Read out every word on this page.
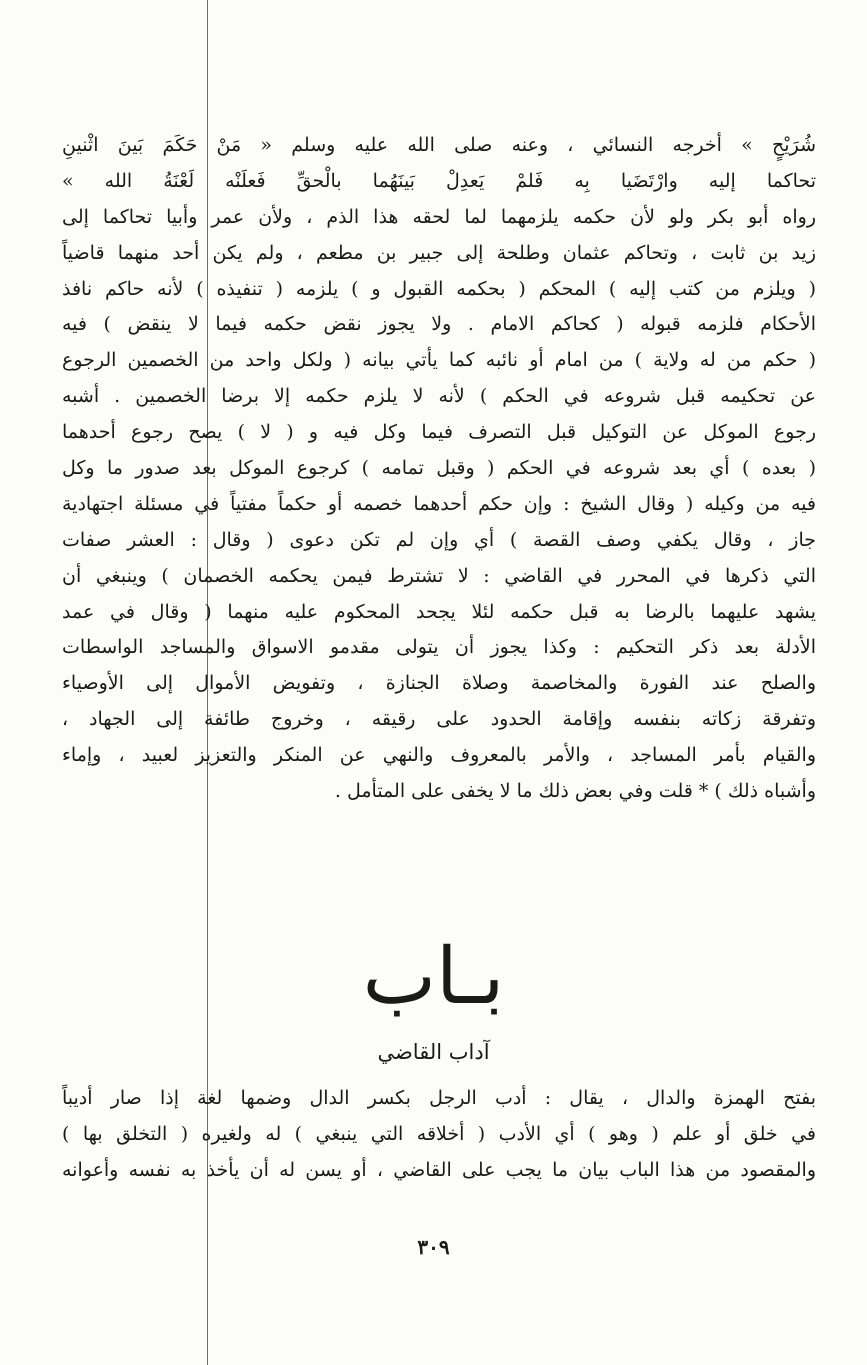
شُرَيْحٍ » أخرجه النسائي ، وعنه صلى الله عليه وسلم « مَنْ حَكَمَ بَينَ اثْنينِ
تحاكما إليه وارْتَضَيا بِه فَلمْ يَعدِلْ بَينَهُما بالْحقِّ فَعلَنْه لَعْنَةُ الله »
رواه أبو بكر ولو لأن حكمه يلزمهما لما لحقه هذا الذم ، ولأن عمر وأبيا تحاكما إلى
زيد بن ثابت ، وتحاكم عثمان وطلحة إلى جبير بن مطعم ، ولم يكن أحد منهما قاضياً
( ويلزم من كتب إليه ) المحكم ( بحكمه القبول و ) يلزمه ( تنفيذه ) لأنه حاكم نافذ
الأحكام فلزمه قبوله ( كحاكم الامام . ولا يجوز نقض حكمه فيما لا ينقض ) فيه
( حكم من له ولاية ) من امام أو نائبه كما يأتي بيانه ( ولكل واحد من الخصمين الرجوع
عن تحكيمه قبل شروعه في الحكم ) لأنه لا يلزم حكمه إلا برضا الخصمين . أشبه
رجوع الموكل عن التوكيل قبل التصرف فيما وكل فيه و ( لا ) يصح رجوع أحدهما
( بعده ) أي بعد شروعه في الحكم ( وقبل تمامه ) كرجوع الموكل بعد صدور ما وكل
فيه من وكيله ( وقال الشيخ : وإن حكم أحدهما خصمه أو حكماً مفتياً في مسئلة اجتهادية
جاز ، وقال يكفي وصف القصة ) أي وإن لم تكن دعوى ( وقال : العشر صفات
التي ذكرها في المحرر في القاضي : لا تشترط فيمن يحكمه الخصمان ) وينبغي أن
يشهد عليهما بالرضا به قبل حكمه لئلا يجحد المحكوم عليه منهما ( وقال في عمد
الأدلة بعد ذكر التحكيم : وكذا يجوز أن يتولى مقدمو الاسواق والمساجد الواسطات
والصلح عند الفورة والمخاصمة وصلاة الجنازة ، وتفويض الأموال إلى الأوصياء
وتفرقة زكاته بنفسه وإقامة الحدود على رقيقه ، وخروج طائفة إلى الجهاد ،
والقيام بأمر المساجد ، والأمر بالمعروف والنهي عن المنكر والتعزيز لعبيد ، وإماء
وأشباه ذلك ) * قلت وفي بعض ذلك ما لا يخفى على المتأمل .
بـاب
آداب القاضي
بفتح الهمزة والدال ، يقال : أدب الرجل بكسر الدال وضمها لغة إذا صار أديباً
في خلق أو علم ( وهو ) أي الأدب ( أخلاقه التي ينبغي ) له ولغيره ( التخلق بها )
والمقصود من هذا الباب بيان ما يجب على القاضي ، أو يسن له أن يأخذ به نفسه وأعوانه
٣٠٩
